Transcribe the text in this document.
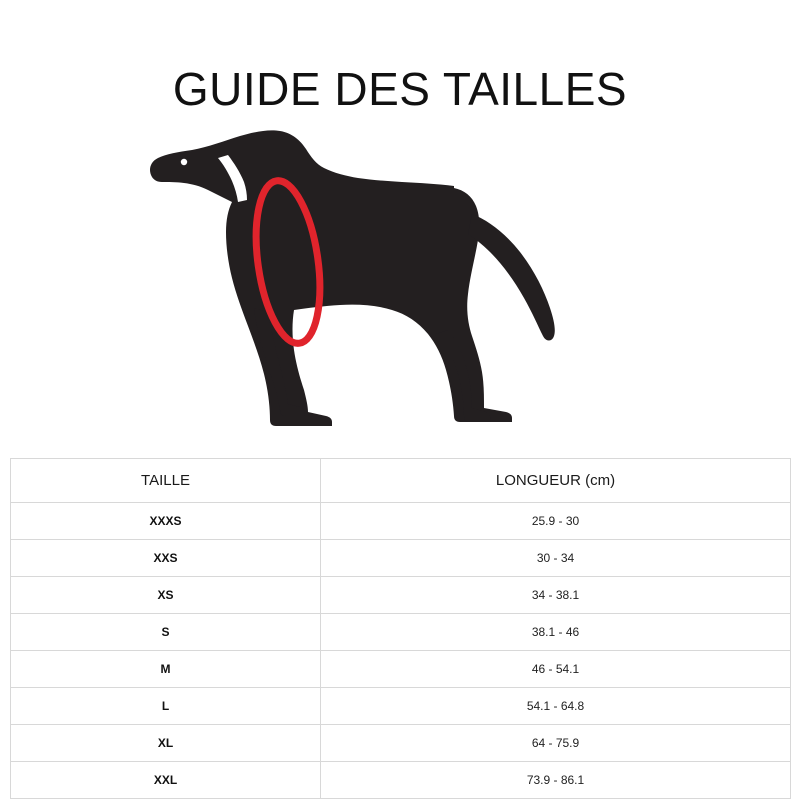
GUIDE DES TAILLES
TAILLE	LONGUEUR (cm)
XXXS	25.9 - 30
XXS	30 - 34
XS	34 - 38.1
S	38.1 - 46
M	46 - 54.1
L	54.1 - 64.8
XL	64 - 75.9
XXL	73.9 - 86.1
